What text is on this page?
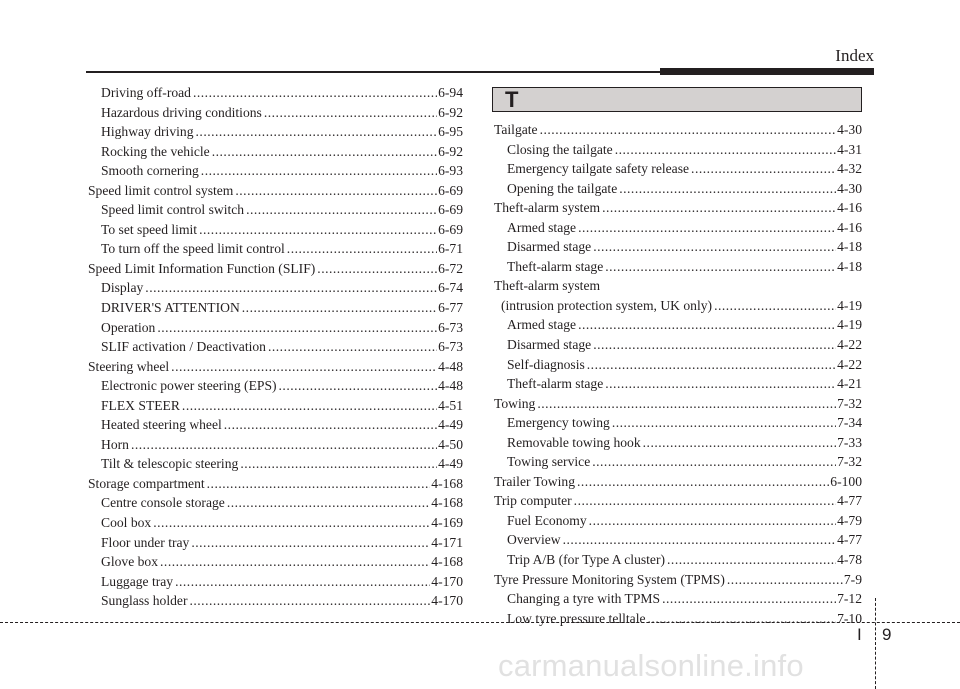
Index
Driving off-road .....	6-94
Hazardous driving conditions .....	6-92
Highway driving .....	6-95
Rocking the vehicle .....	6-92
Smooth cornering .....	6-93
Speed limit control system .....	6-69
Speed limit control switch .....	6-69
To set speed limit .....	6-69
To turn off the speed limit control .....	6-71
Speed Limit Information Function (SLIF) .....	6-72
Display .....	6-74
DRIVER'S ATTENTION .....	6-77
Operation .....	6-73
SLIF activation / Deactivation .....	6-73
Steering wheel .....	4-48
Electronic power steering (EPS) .....	4-48
FLEX STEER .....	4-51
Heated steering wheel .....	4-49
Horn .....	4-50
Tilt & telescopic steering .....	4-49
Storage compartment .....	4-168
Centre console storage .....	4-168
Cool box .....	4-169
Floor under tray .....	4-171
Glove box .....	4-168
Luggage tray .....	4-170
Sunglass holder .....	4-170
T
Tailgate .....	4-30
Closing the tailgate .....	4-31
Emergency tailgate safety release .....	4-32
Opening the tailgate .....	4-30
Theft-alarm system .....	4-16
Armed stage .....	4-16
Disarmed stage .....	4-18
Theft-alarm stage .....	4-18
Theft-alarm system
(intrusion protection system, UK only) .....	4-19
Armed stage .....	4-19
Disarmed stage .....	4-22
Self-diagnosis .....	4-22
Theft-alarm stage .....	4-21
Towing .....	7-32
Emergency towing .....	7-34
Removable towing hook .....	7-33
Towing service .....	7-32
Trailer Towing .....	6-100
Trip computer .....	4-77
Fuel Economy .....	4-79
Overview .....	4-77
Trip A/B (for Type A cluster) .....	4-78
Tyre Pressure Monitoring System (TPMS) .....	7-9
Changing a tyre with TPMS .....	7-12
Low tyre pressure telltale .....	7-10
I 9
carmanualsonline.info
